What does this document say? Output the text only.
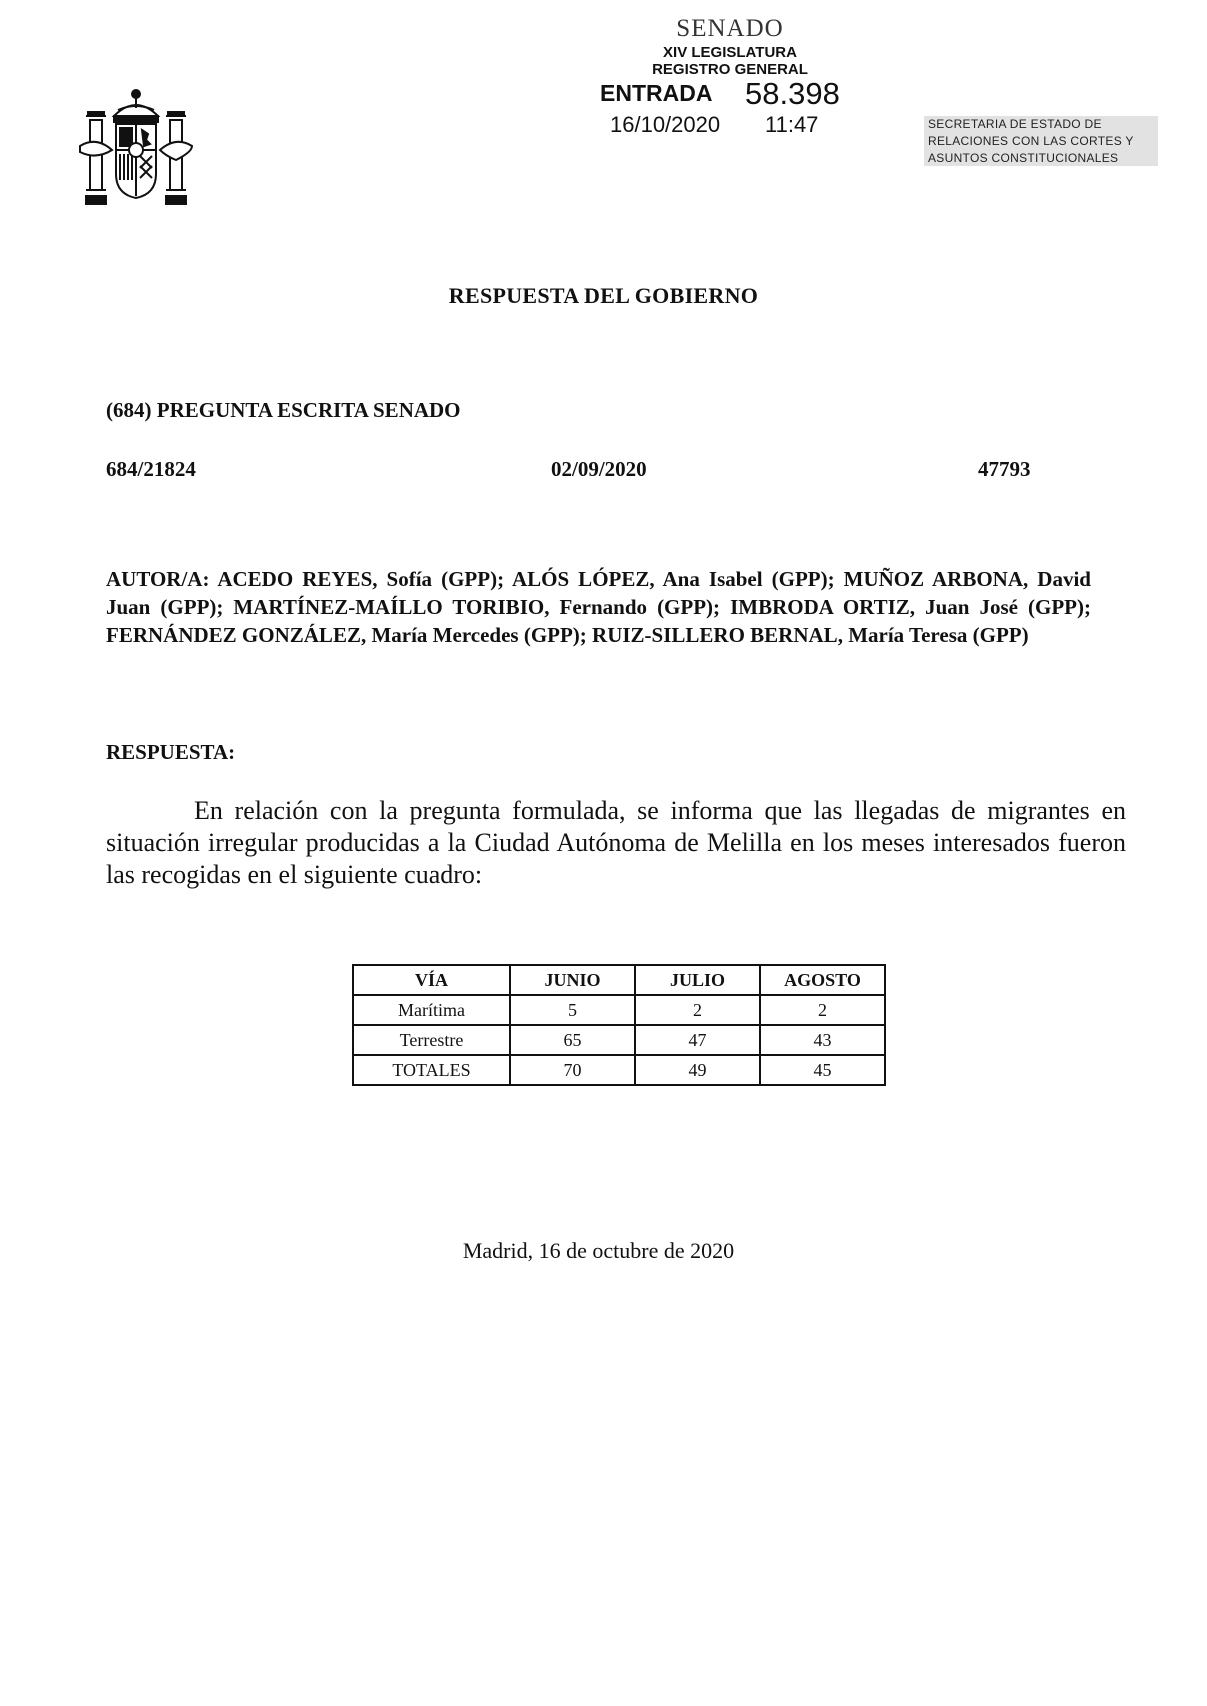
SENADO
XIV LEGISLATURA
REGISTRO GENERAL
ENTRADA 58.398
16/10/2020 11:47	SECRETARIA DE ESTADO DE
RELACIONES CON LAS CORTES Y
ASUNTOS CONSTITUCIONALES
RESPUESTA DEL GOBIERNO
(684) PREGUNTA ESCRITA SENADO
684/21824	02/09/2020	47793
AUTOR/A: ACEDO REYES, Sofía (GPP); ALÓS LÓPEZ, Ana Isabel (GPP); MUÑOZ ARBONA, David Juan (GPP); MARTÍNEZ-MAÍLLO TORIBIO, Fernando (GPP); IMBRODA ORTIZ, Juan José (GPP); FERNÁNDEZ GONZÁLEZ, María Mercedes (GPP); RUIZ-SILLERO BERNAL, María Teresa (GPP)
RESPUESTA:
En relación con la pregunta formulada, se informa que las llegadas de migrantes en situación irregular producidas a la Ciudad Autónoma de Melilla en los meses interesados fueron las recogidas en el siguiente cuadro:
VÍA	JUNIO	JULIO	AGOSTO
Marítima	5	2	2
Terrestre	65	47	43
TOTALES	70	49	45
Madrid, 16 de octubre de 2020
